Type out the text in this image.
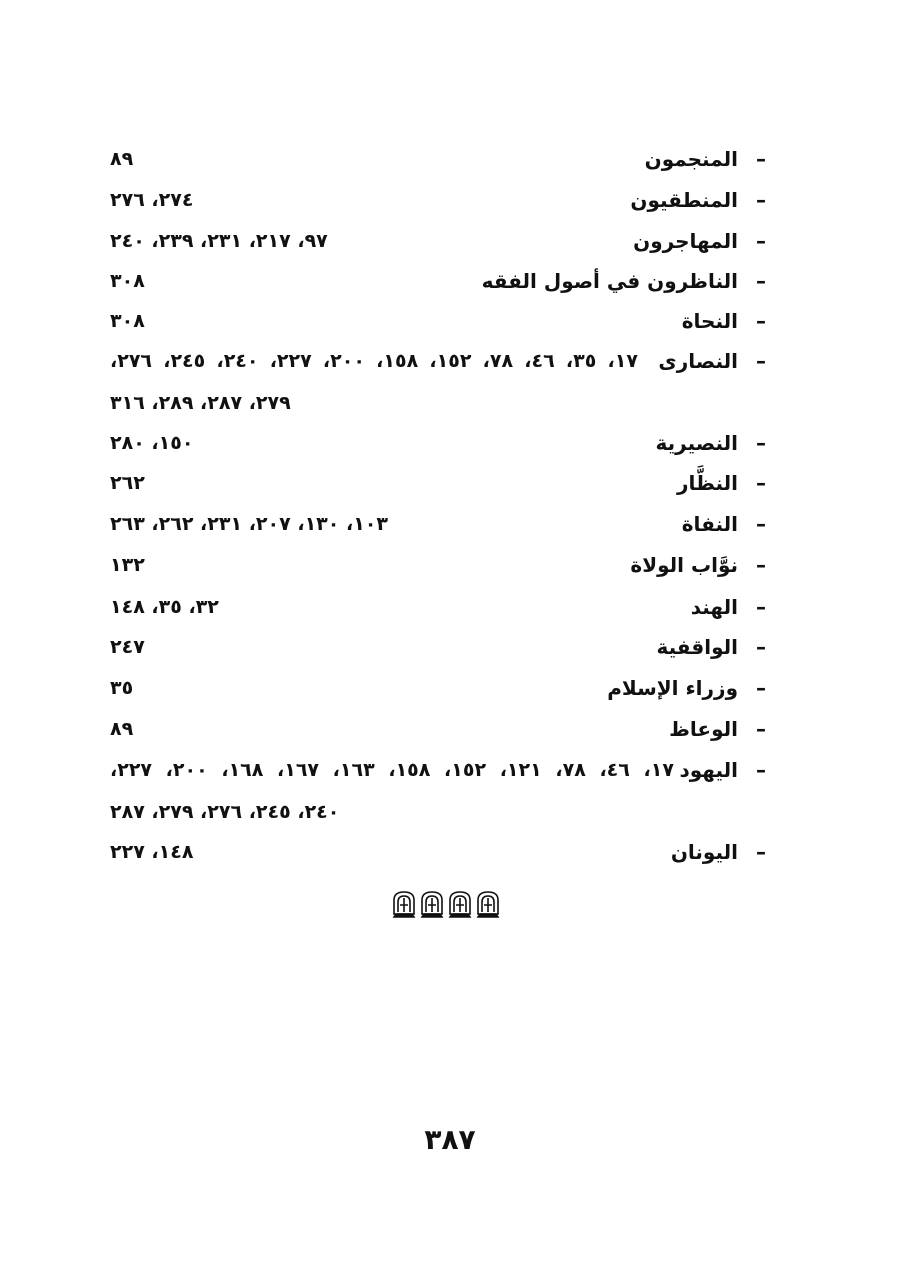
–
المنجمون
٨٩
–
المنطقيون
٢٧٤، ٢٧٦
–
المهاجرون
٩٧، ٢١٧، ٢٣١، ٢٣٩، ٢٤٠
–
الناظرون في أصول الفقه
٣٠٨
–
النحاة
٣٠٨
–
النصارى
١٧، ٣٥، ٤٦، ٧٨، ١٥٢، ١٥٨، ٢٠٠، ٢٢٧، ٢٤٠، ٢٤٥، ٢٧٦،
٢٧٩، ٢٨٧، ٢٨٩، ٣١٦
–
النصيرية
١٥٠، ٢٨٠
–
النظَّار
٢٦٢
–
النفاة
١٠٣، ١٣٠، ٢٠٧، ٢٣١، ٢٦٢، ٢٦٣
–
نوَّاب الولاة
١٣٢
–
الهند
٣٢، ٣٥، ١٤٨
–
الواقفية
٢٤٧
–
وزراء الإسلام
٣٥
–
الوعاظ
٨٩
–
اليهود
١٧، ٤٦، ٧٨، ١٢١، ١٥٢، ١٥٨، ١٦٣، ١٦٧، ١٦٨، ٢٠٠، ٢٢٧،
٢٤٠، ٢٤٥، ٢٧٦، ٢٧٩، ٢٨٧
–
اليونان
١٤٨، ٢٢٧
٣٨٧
